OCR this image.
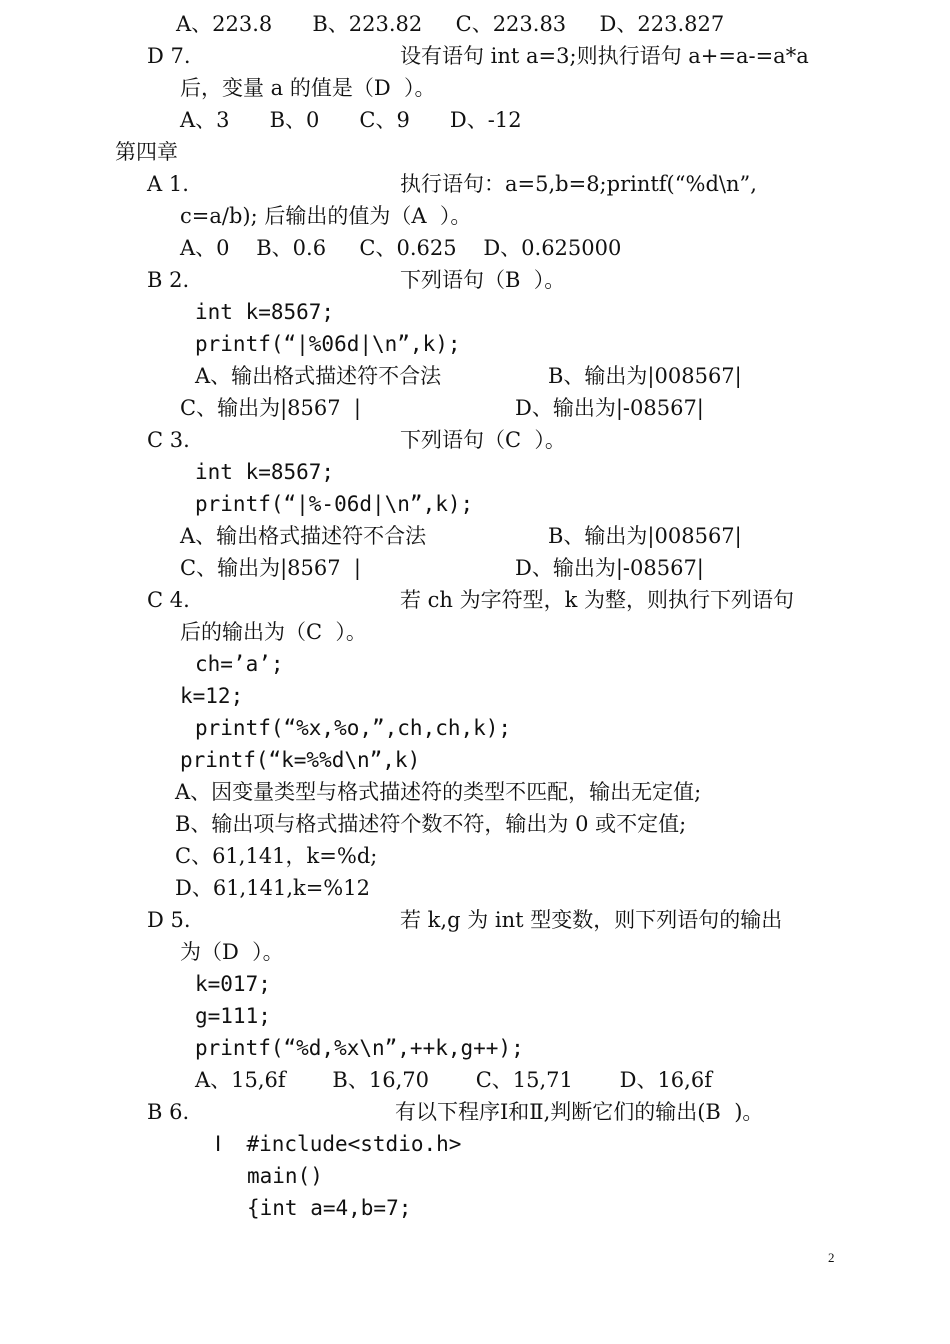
A、223.8      B、223.82     C、223.83     D、223.827
D 7.	设有语句 int a=3;则执行语句 a+=a-=a*a
后，变量 a 的值是（D  ）。
A、3      B、0      C、9      D、-12
第四章
A 1.	执行语句：a=5,b=8;printf(“%d\n”,
c=a/b); 后输出的值为（A  ）。
A、0    B、0.6     C、0.625    D、0.625000
B 2.	下列语句（B  ）。
int k=8567;
printf(“|%06d|\n”,k);
A、输出格式描述符不合法	B、输出为|008567|
C、输出为|8567  |	D、输出为|-08567|
C 3.	下列语句（C  ）。
int k=8567;
printf(“|%-06d|\n”,k);
A、输出格式描述符不合法	B、输出为|008567|
C、输出为|8567  |	D、输出为|-08567|
C 4.	若 ch 为字符型，k 为整，则执行下列语句
后的输出为（C  ）。
ch=’a’;
k=12;
printf(“%x,%o,”,ch,ch,k);
printf(“k=%%d\n”,k)
A、因变量类型与格式描述符的类型不匹配，输出无定值;
B、输出项与格式描述符个数不符，输出为 0 或不定值;
C、61,141，k=%d;
D、61,141,k=%12
D 5.	若 k,g 为 int 型变数，则下列语句的输出
为（D  ）。
k=017;
g=111;
printf(“%d,%x\n”,++k,g++);
A、15,6f       B、16,70       C、15,71       D、16,6f
B 6.	有以下程序Ⅰ和Ⅱ,判断它们的输出(B  )。
Ⅰ  #include<stdio.h>
main()
{int a=4,b=7;
2
